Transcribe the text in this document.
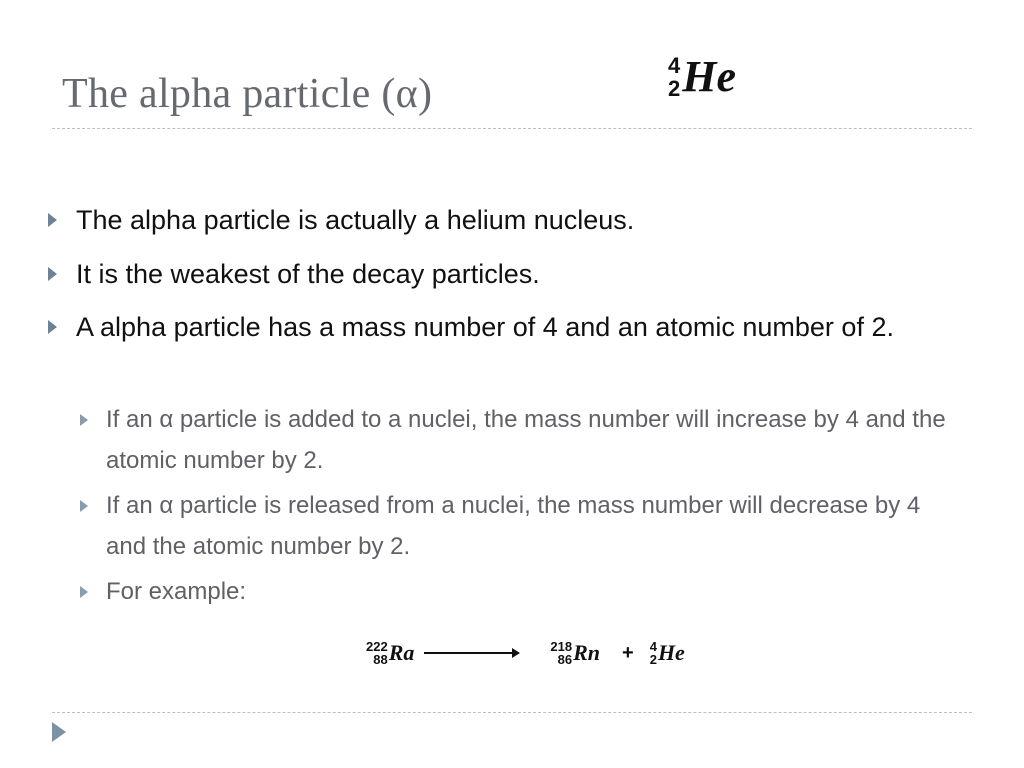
The alpha particle (α)
4
2 He
The alpha particle is actually a helium nucleus.
It is the weakest of the decay particles.
A alpha particle has a mass number of 4 and an atomic number of 2.
If an α particle is added to a nuclei, the mass number will increase by 4 and the atomic number by 2.
If an α particle is released from a nuclei, the mass number will decrease by 4 and the atomic number by 2.
For example:
222
88 Ra	218
86 Rn + 4
2 He
